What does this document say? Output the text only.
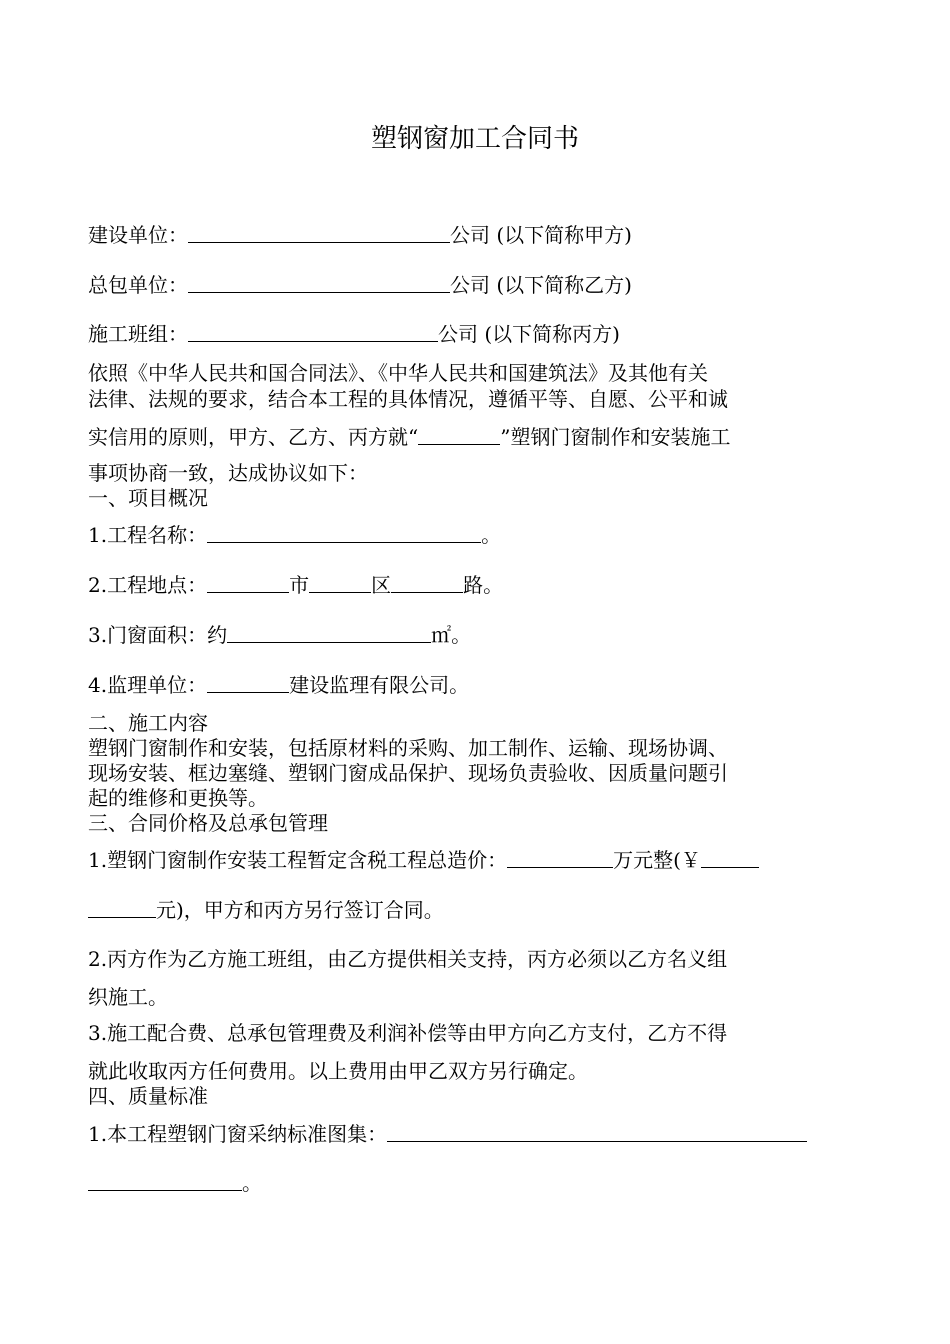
塑钢窗加工合同书
建设单位：	公司 (以下简称甲方)
总包单位：	公司 (以下简称乙方)
施工班组：	公司 (以下简称丙方)
依照《中华人民共和国合同法》、《中华人民共和国建筑法》及其他有关
法律、法规的要求，结合本工程的具体情况，遵循平等、自愿、公平和诚
实信用的原则，甲方、乙方、丙方就“	”塑钢门窗制作和安装施工
事项协商一致，达成协议如下：
一、项目概况
1.工程名称：	。
2.工程地点：	市	区	路。
3.门窗面积：约	㎡。
4.监理单位：	建设监理有限公司。
二、施工内容
塑钢门窗制作和安装，包括原材料的采购、加工制作、运输、现场协调、
现场安装、框边塞缝、塑钢门窗成品保护、现场负责验收、因质量问题引
起的维修和更换等。
三、合同价格及总承包管理
1.塑钢门窗制作安装工程暂定含税工程总造价：	万元整(￥
元)，甲方和丙方另行签订合同。
2.丙方作为乙方施工班组，由乙方提供相关支持，丙方必须以乙方名义组
织施工。
3.施工配合费、总承包管理费及利润补偿等由甲方向乙方支付，乙方不得
就此收取丙方任何费用。以上费用由甲乙双方另行确定。
四、质量标准
1.本工程塑钢门窗采纳标准图集：
。
